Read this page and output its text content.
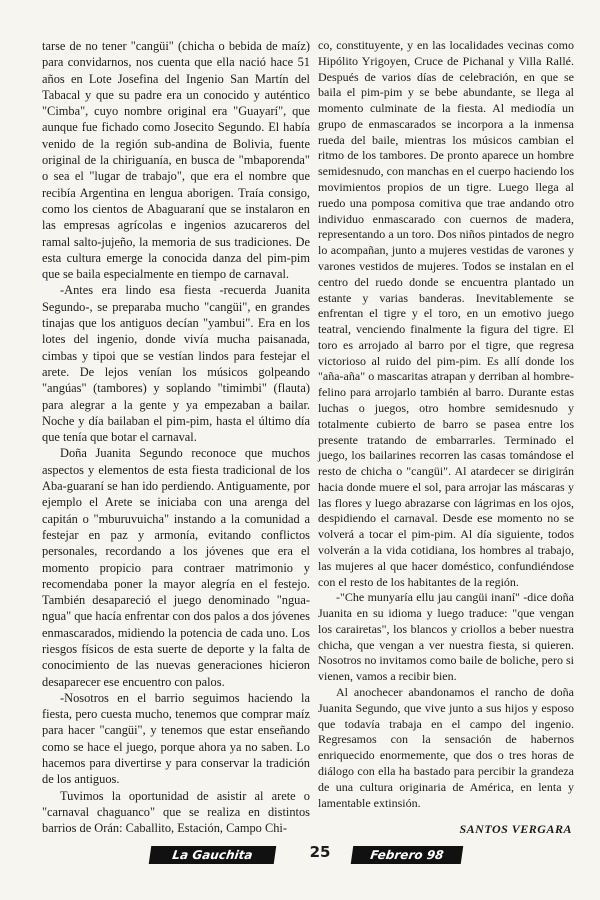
tarse de no tener "cangüi" (chicha o bebida de maíz) para convidarnos, nos cuenta que ella nació hace 51 años en Lote Josefina del Ingenio San Martín del Tabacal y que su padre era un conocido y auténtico "Cimba", cuyo nombre original era "Guayarí", que aunque fue fichado como Josecito Segundo. El había venido de la región sub-andina de Bolivia, fuente original de la chiriguanía, en busca de "mbaporenda" o sea el "lugar de trabajo", que era el nombre que recibía Argentina en lengua aborigen. Traía consigo, como los cientos de Abaguaraní que se instalaron en las empresas agrícolas e ingenios azucareros del ramal salto-jujeño, la memoria de sus tradiciones. De esta cultura emerge la conocida danza del pim-pim que se baila especialmente en tiempo de carnaval.

-Antes era lindo esa fiesta -recuerda Juanita Segundo-, se preparaba mucho "cangüi", en grandes tinajas que los antiguos decían "yambui". Era en los lotes del ingenio, donde vivía mucha paisanada, cimbas y tipoi que se vestían lindos para festejar el arete. De lejos venían los músicos golpeando "angúas" (tambores) y soplando "timimbi" (flauta) para alegrar a la gente y ya empezaban a bailar. Noche y día bailaban el pim-pim, hasta el último día que tenía que botar el carnaval.

Doña Juanita Segundo reconoce que muchos aspectos y elementos de esta fiesta tradicional de los Aba-guaraní se han ido perdiendo. Antiguamente, por ejemplo el Arete se iniciaba con una arenga del capitán o "mburuvuicha" instando a la comunidad a festejar en paz y armonía, evitando conflictos personales, recordando a los jóvenes que era el momento propicio para contraer matrimonio y recomendaba poner la mayor alegría en el festejo. También desapareció el juego denominado "ngua-ngua" que hacía enfrentar con dos palos a dos jóvenes enmascarados, midiendo la potencia de cada uno. Los riesgos físicos de esta suerte de deporte y la falta de conocimiento de las nuevas generaciones hicieron desaparecer ese encuentro con palos.

-Nosotros en el barrio seguimos haciendo la fiesta, pero cuesta mucho, tenemos que comprar maíz para hacer "cangüi", y tenemos que estar enseñando como se hace el juego, porque ahora ya no saben. Lo hacemos para divertirse y para conservar la tradición de los antiguos.

Tuvimos la oportunidad de asistir al arete o "carnaval chaguanco" que se realiza en distintos barrios de Orán: Caballito, Estación, Campo Chi-

co, constituyente, y en las localidades vecinas como Hipólito Yrigoyen, Cruce de Pichanal y Villa Rallé. Después de varios días de celebración, en que se baila el pim-pim y se bebe abundante, se llega al momento culminate de la fiesta. Al mediodía un grupo de enmascarados se incorpora a la inmensa rueda del baile, mientras los músicos cambian el ritmo de los tambores. De pronto aparece un hombre semidesnudo, con manchas en el cuerpo haciendo los movimientos propios de un tigre. Luego llega al ruedo una pomposa comitiva que trae andando otro individuo enmascarado con cuernos de madera, representando a un toro. Dos niños pintados de negro lo acompañan, junto a mujeres vestidas de varones y varones vestidos de mujeres. Todos se instalan en el centro del ruedo donde se encuentra plantado un estante y varias banderas. Inevitablemente se enfrentan el tigre y el toro, en un emotivo juego teatral, venciendo finalmente la figura del tigre. El toro es arrojado al barro por el tigre, que regresa victorioso al ruido del pim-pim. Es allí donde los "aña-aña" o mascaritas atrapan y derriban al hombre-felino para arrojarlo también al barro. Durante estas luchas o juegos, otro hombre semidesnudo y totalmente cubierto de barro se pasea entre los presente tratando de embarrarles. Terminado el juego, los bailarines recorren las casas tomándose el resto de chicha o "cangüi". Al atardecer se dirigirán hacia donde muere el sol, para arrojar las máscaras y las flores y luego abrazarse con lágrimas en los ojos, despidiendo el carnaval. Desde ese momento no se volverá a tocar el pim-pim. Al día siguiente, todos volverán a la vida cotidiana, los hombres al trabajo, las mujeres al que hacer doméstico, confundiéndose con el resto de los habitantes de la región.

-"Che munyaría ellu jau cangüi inaní" -dice doña Juanita en su idioma y luego traduce: "que vengan los carairetas", los blancos y criollos a beber nuestra chicha, que vengan a ver nuestra fiesta, si quieren. Nosotros no invitamos como baile de boliche, pero si vienen, vamos a recibir bien.

Al anochecer abandonamos el rancho de doña Juanita Segundo, que vive junto a sus hijos y esposo que todavía trabaja en el campo del ingenio. Regresamos con la sensación de habernos enriquecido enormemente, que dos o tres horas de diálogo con ella ha bastado para percibir la grandeza de una cultura originaria de América, en lenta y lamentable extinsión.

SANTOS VERGARA
La Gauchita	25	Febrero 98
